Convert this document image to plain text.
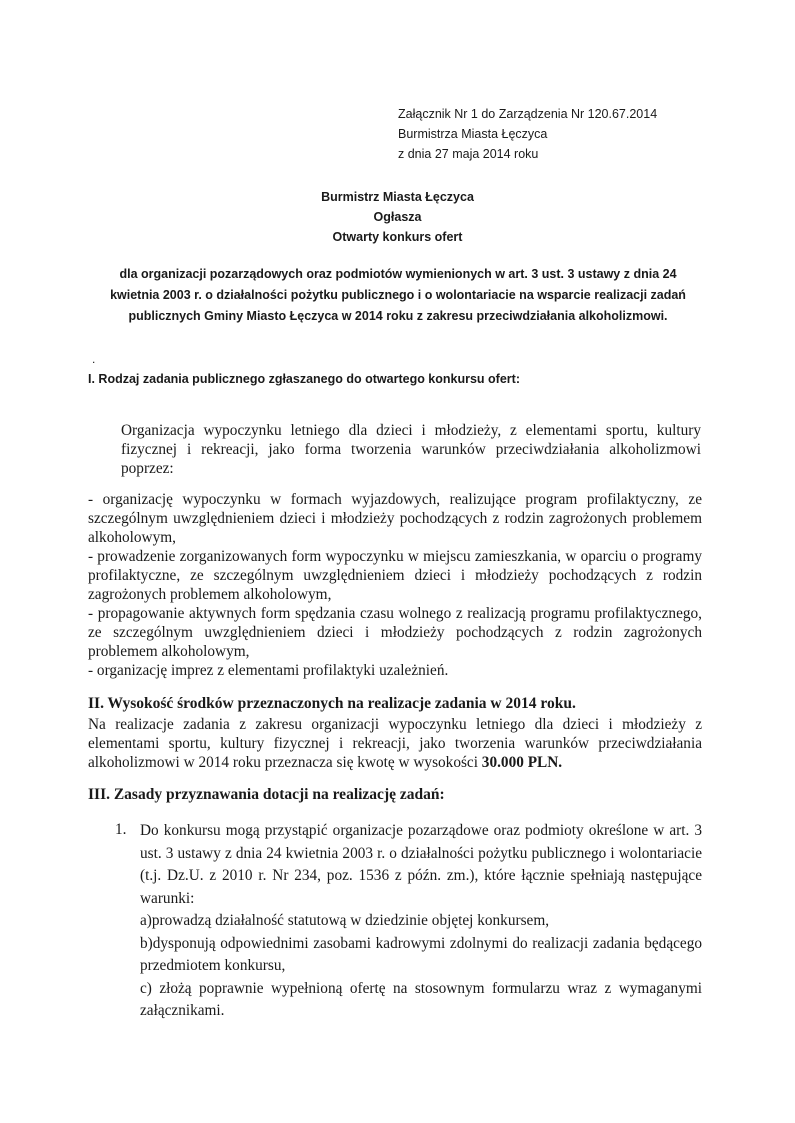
Załącznik Nr 1 do Zarządzenia Nr 120.67.2014
Burmistrza Miasta Łęczyca
z dnia 27 maja 2014 roku
Burmistrz Miasta Łęczyca
Ogłasza
Otwarty konkurs ofert
dla organizacji pozarządowych oraz podmiotów wymienionych w art. 3 ust. 3 ustawy z dnia 24
kwietnia 2003 r. o działalności pożytku publicznego i o wolontariacie na wsparcie realizacji zadań
publicznych Gminy Miasto Łęczyca w 2014 roku z zakresu przeciwdziałania alkoholizmowi.
.
I. Rodzaj zadania publicznego zgłaszanego do otwartego konkursu ofert:
Organizacja wypoczynku letniego dla dzieci i młodzieży, z elementami sportu, kultury fizycznej i rekreacji, jako forma tworzenia warunków przeciwdziałania alkoholizmowi poprzez:

- organizację wypoczynku w formach wyjazdowych, realizujące program profilaktyczny, ze szczególnym uwzględnieniem dzieci i młodzieży pochodzących z rodzin zagrożonych problemem alkoholowym,

- prowadzenie zorganizowanych form wypoczynku w miejscu zamieszkania, w oparciu o programy profilaktyczne, ze szczególnym uwzględnieniem dzieci i młodzieży pochodzących z rodzin zagrożonych problemem alkoholowym,

- propagowanie aktywnych form spędzania czasu wolnego z realizacją programu profilaktycznego, ze szczególnym uwzględnieniem dzieci i młodzieży pochodzących z rodzin zagrożonych problemem alkoholowym,

- organizację imprez z elementami profilaktyki uzależnień.

II. Wysokość środków przeznaczonych na realizacje zadania w 2014 roku.
Na realizacje zadania z zakresu organizacji wypoczynku letniego dla dzieci i młodzieży z elementami sportu, kultury fizycznej i rekreacji, jako tworzenia warunków przeciwdziałania alkoholizmowi w 2014 roku przeznacza się kwotę w wysokości 30.000 PLN.
III. Zasady przyznawania dotacji na realizację zadań:
1. Do konkursu mogą przystąpić organizacje pozarządowe oraz podmioty określone w art. 3 ust. 3 ustawy z dnia 24 kwietnia 2003 r. o działalności pożytku publicznego i wolontariacie (t.j. Dz.U. z 2010 r. Nr 234, poz. 1536 z późn. zm.), które łącznie spełniają następujące warunki:

a)prowadzą działalność statutową w dziedzinie objętej konkursem,

b)dysponują odpowiednimi zasobami kadrowymi zdolnymi do realizacji zadania będącego przedmiotem konkursu,

c) złożą poprawnie wypełnioną ofertę na stosownym formularzu wraz z wymaganymi załącznikami.
